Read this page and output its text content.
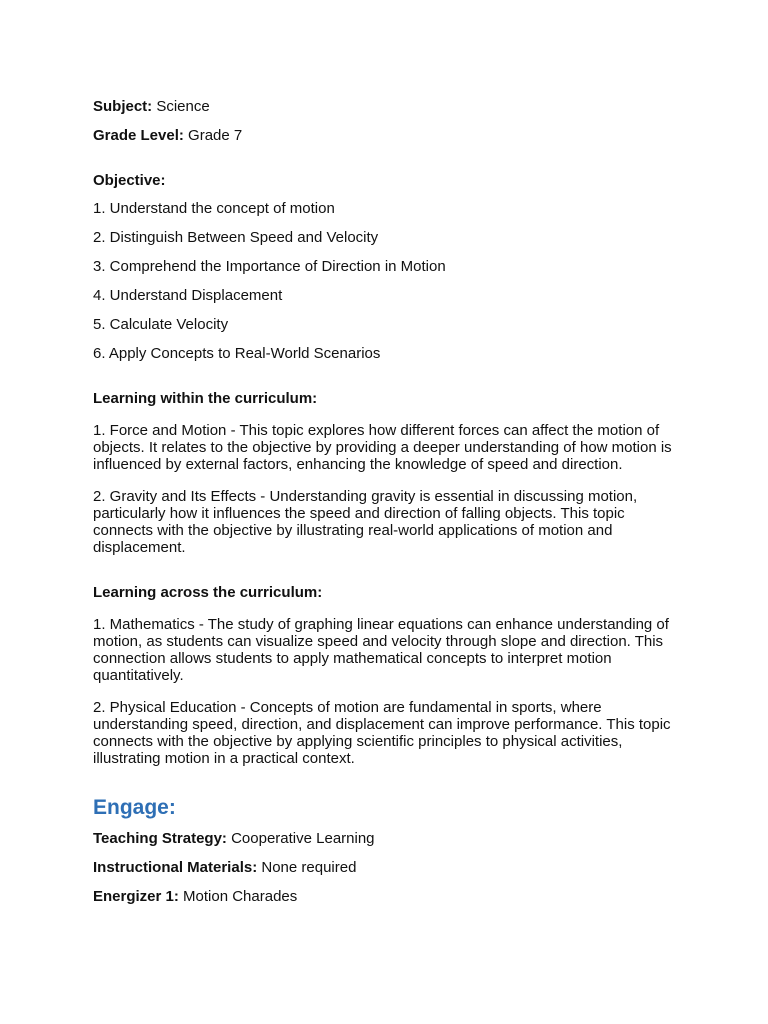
Subject: Science

Grade Level: Grade 7

Objective:

1. Understand the concept of motion

2. Distinguish Between Speed and Velocity

3. Comprehend the Importance of Direction in Motion

4. Understand Displacement

5. Calculate Velocity

6. Apply Concepts to Real-World Scenarios

Learning within the curriculum:

1. Force and Motion - This topic explores how different forces can affect the motion of objects. It relates to the objective by providing a deeper understanding of how motion is influenced by external factors, enhancing the knowledge of speed and direction.

2. Gravity and Its Effects - Understanding gravity is essential in discussing motion, particularly how it influences the speed and direction of falling objects. This topic connects with the objective by illustrating real-world applications of motion and displacement.

Learning across the curriculum:

1. Mathematics - The study of graphing linear equations can enhance understanding of motion, as students can visualize speed and velocity through slope and direction. This connection allows students to apply mathematical concepts to interpret motion quantitatively.

2. Physical Education - Concepts of motion are fundamental in sports, where understanding speed, direction, and displacement can improve performance. This topic connects with the objective by applying scientific principles to physical activities, illustrating motion in a practical context.

Engage:

Teaching Strategy: Cooperative Learning

Instructional Materials: None required

Energizer 1: Motion Charades
